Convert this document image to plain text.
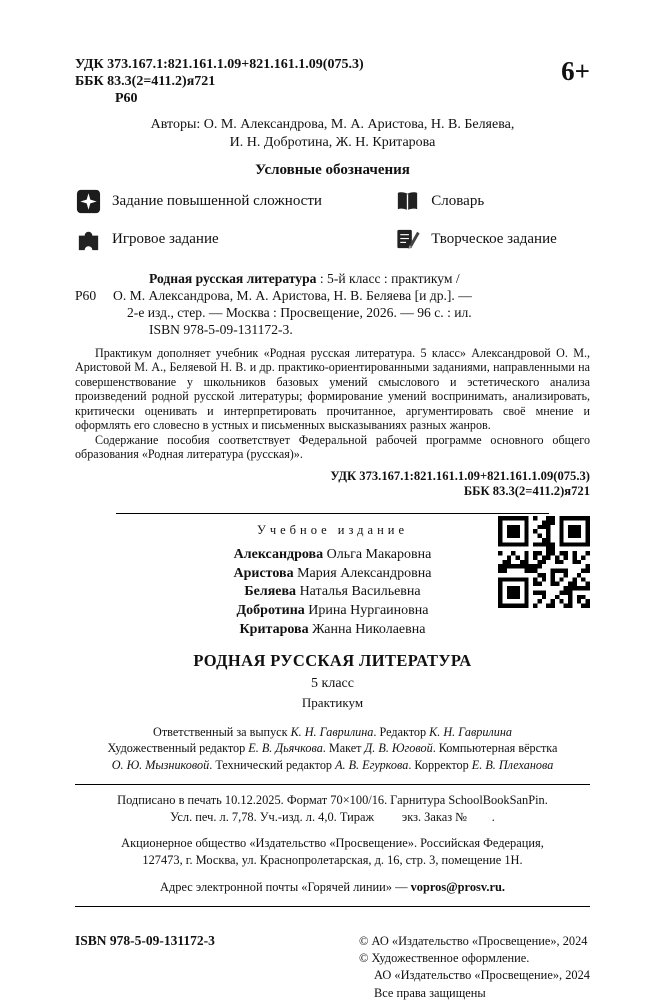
УДК 373.167.1:821.161.1.09+821.161.1.09(075.3)
ББК 83.3(2=411.2)я721
Р60
6+
Авторы: О. М. Александрова, М. А. Аристова, Н. В. Беляева,
И. Н. Добротина, Ж. Н. Критарова
Условные обозначения
Задание повышенной сложности	Словарь
Игровое задание	Творческое задание
Родная русская литература : 5-й класс : практикум /
Р60	О. М. Александрова, М. А. Аристова, Н. В. Беляева [и др.]. —
2-е изд., стер. — Москва : Просвещение, 2026. — 96 с. : ил.
ISBN 978-5-09-131172-3.

Практикум дополняет учебник «Родная русская литература. 5 класс» Александровой О. М., Аристовой М. А., Беляевой Н. В. и др. практико-ориентированными заданиями, направленными на совершенствование у школьников базовых умений смыслового и эстетического анализа произведений родной русской литературы; формирование умений воспринимать, анализировать, критически оценивать и интерпретировать прочитанное, аргументировать своё мнение и оформлять его словесно в устных и письменных высказываниях разных жанров.

Содержание пособия соответствует Федеральной рабочей программе основного общего образования «Родная литература (русская)».

УДК 373.167.1:821.161.1.09+821.161.1.09(075.3)
ББК 83.3(2=411.2)я721
Учебное издание
Александрова Ольга Макаровна
Аристова Мария Александровна
Беляева Наталья Васильевна
Добротина Ирина Нургаиновна
Критарова Жанна Николаевна
РОДНАЯ РУССКАЯ ЛИТЕРАТУРА
5 класс
Практикум
Ответственный за выпуск К. Н. Гаврилина. Редактор К. Н. Гаврилина
Художественный редактор Е. В. Дьячкова. Макет Д. В. Юговой. Компьютерная вёрстка
О. Ю. Мызниковой. Технический редактор А. В. Егуркова. Корректор Е. В. Плеханова
Подписано в печать 10.12.2025. Формат 70×100/16. Гарнитура SchoolBookSanPin.
Усл. печ. л. 7,78. Уч.-изд. л. 4,0. Тираж         экз. Заказ №        .
Акционерное общество «Издательство «Просвещение». Российская Федерация,
127473, г. Москва, ул. Краснопролетарская, д. 16, стр. 3, помещение 1Н.
Адрес электронной почты «Горячей линии» — vopros@prosv.ru.
ISBN 978-5-09-131172-3	© АО «Издательство «Просвещение», 2024
© Художественное оформление.
АО «Издательство «Просвещение», 2024
Все права защищены
